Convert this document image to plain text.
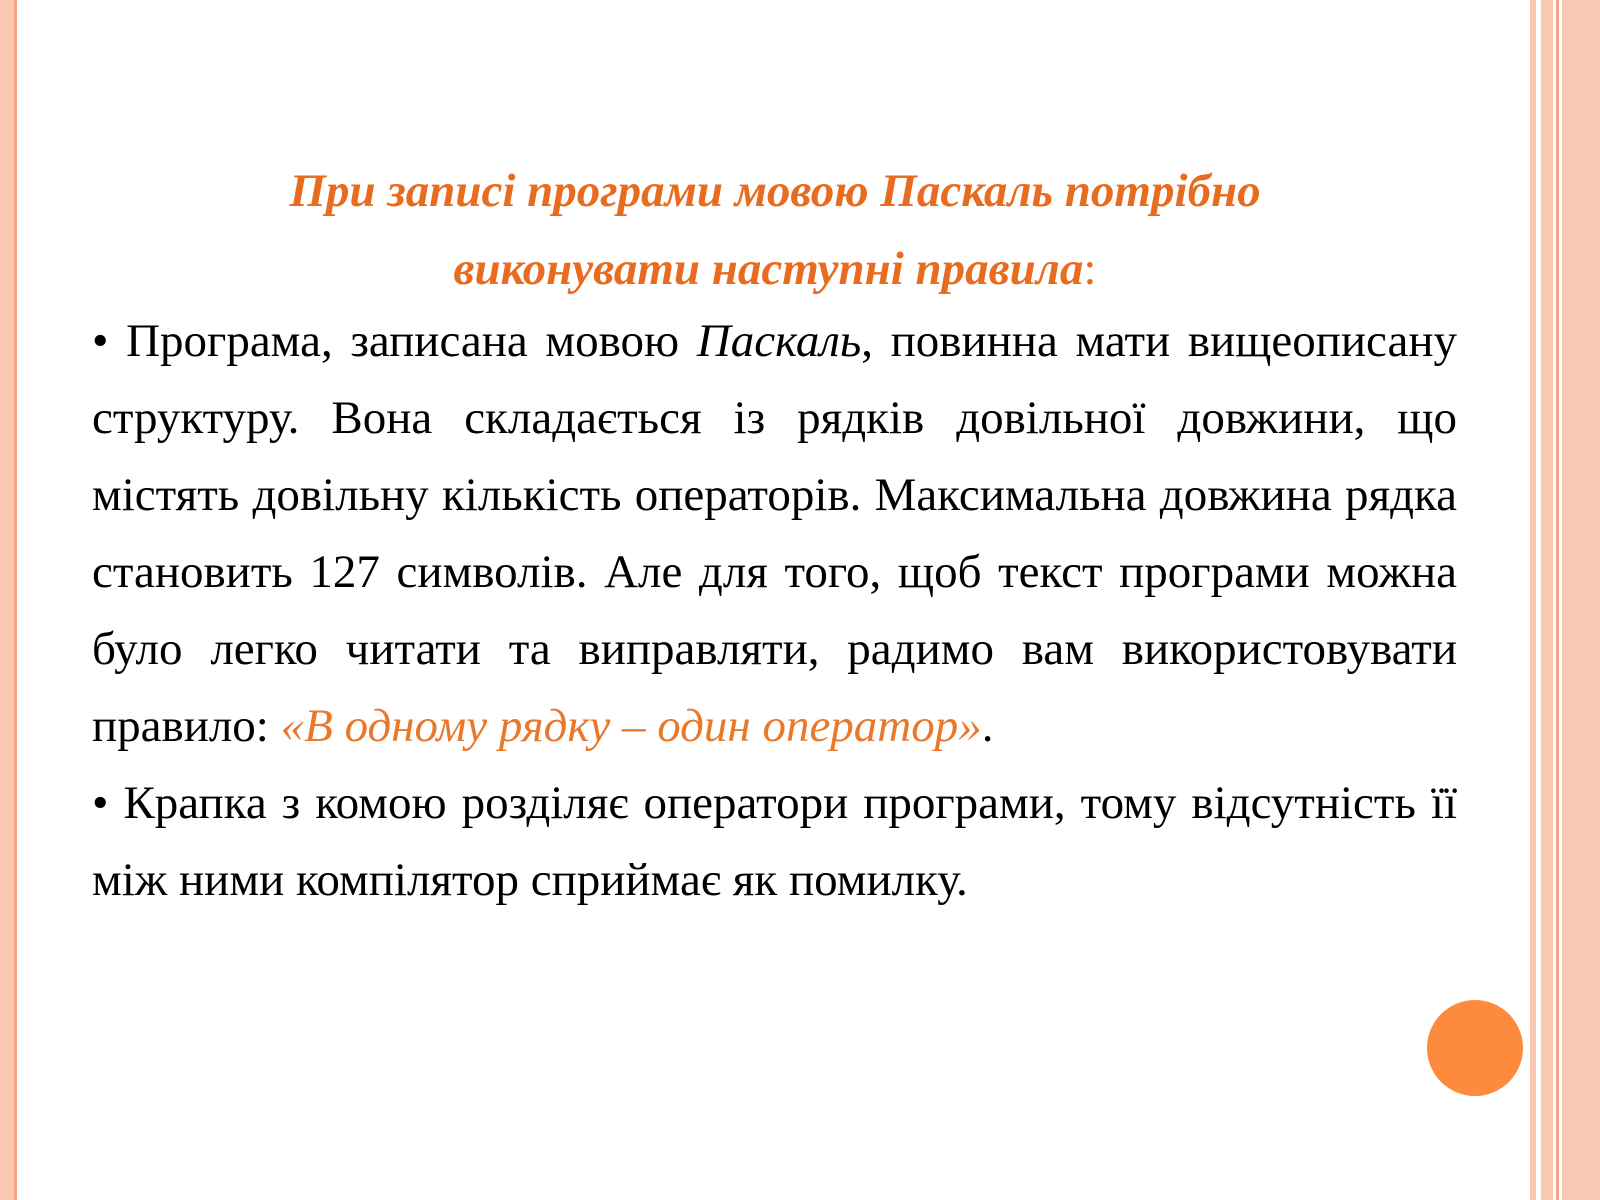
При записі програми мовою Паскаль потрібно
виконувати наступні правила:

• Програма, записана мовою Паскаль, повинна мати вищеописану структуру. Вона складається із рядків довільної довжини, що містять довільну кількість операторів. Максимальна довжина рядка становить 127 символів. Але для того, щоб текст програми можна було легко читати та виправляти, радимо вам використовувати правило: «В одному рядку – один оператор».

• Крапка з комою розділяє оператори програми, тому відсутність її між ними компілятор сприймає як помилку.
